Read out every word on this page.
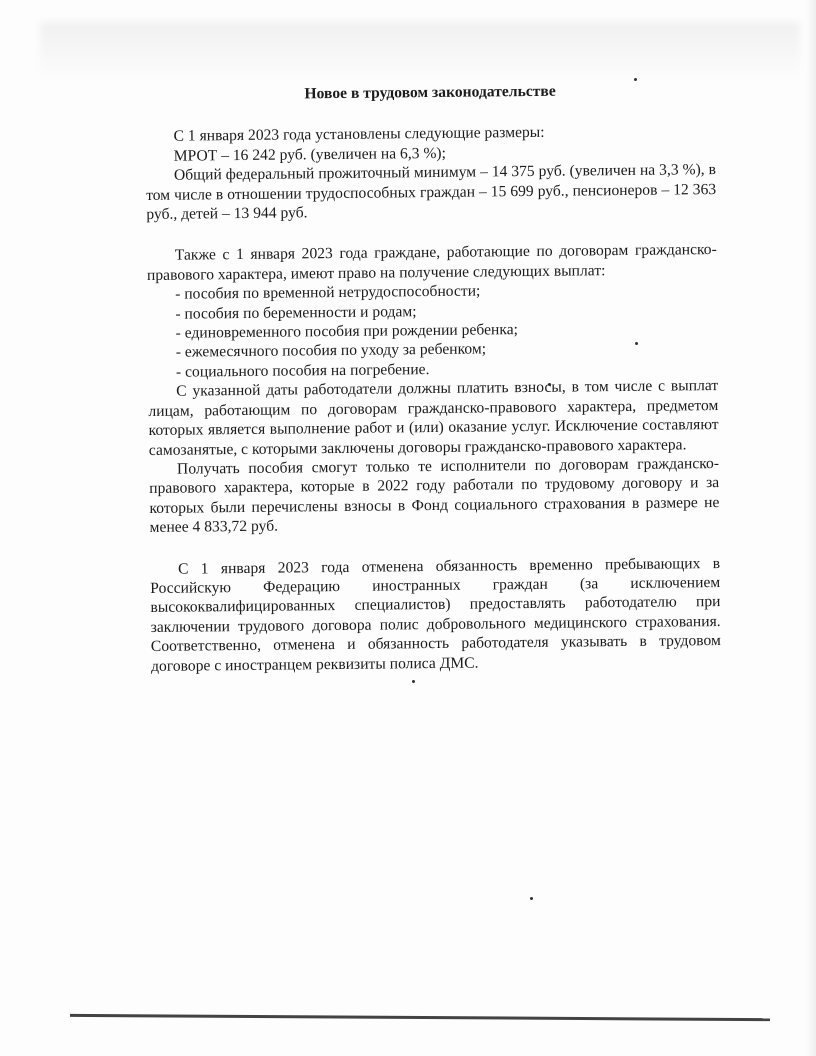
Новое в трудовом законодательстве

С 1 января 2023 года установлены следующие размеры:

МРОТ – 16 242 руб. (увеличен на 6,3 %);

Общий федеральный прожиточный минимум – 14 375 руб. (увеличен на 3,3 %), в том числе в отношении трудоспособных граждан – 15 699 руб., пенсионеров – 12 363 руб., детей – 13 944 руб.

Также с 1 января 2023 года граждане, работающие по договорам гражданско-правового характера, имеют право на получение следующих выплат:

- пособия по временной нетрудоспособности;
- пособия по беременности и родам;
- единовременного пособия при рождении ребенка;
- ежемесячного пособия по уходу за ребенком;
- социального пособия на погребение.

С указанной даты работодатели должны платить взносы, в том числе с выплат лицам, работающим по договорам гражданско-правового характера, предметом которых является выполнение работ и (или) оказание услуг. Исключение составляют самозанятые, с которыми заключены договоры гражданско-правового характера.

Получать пособия смогут только те исполнители по договорам гражданско-правового характера, которые в 2022 году работали по трудовому договору и за которых были перечислены взносы в Фонд социального страхования в размере не менее 4 833,72 руб.

С 1 января 2023 года отменена обязанность временно пребывающих в Российскую Федерацию иностранных граждан (за исключением высококвалифицированных специалистов) предоставлять работодателю при заключении трудового договора полис добровольного медицинского страхования. Соответственно, отменена и обязанность работодателя указывать в трудовом договоре с иностранцем реквизиты полиса ДМС.
